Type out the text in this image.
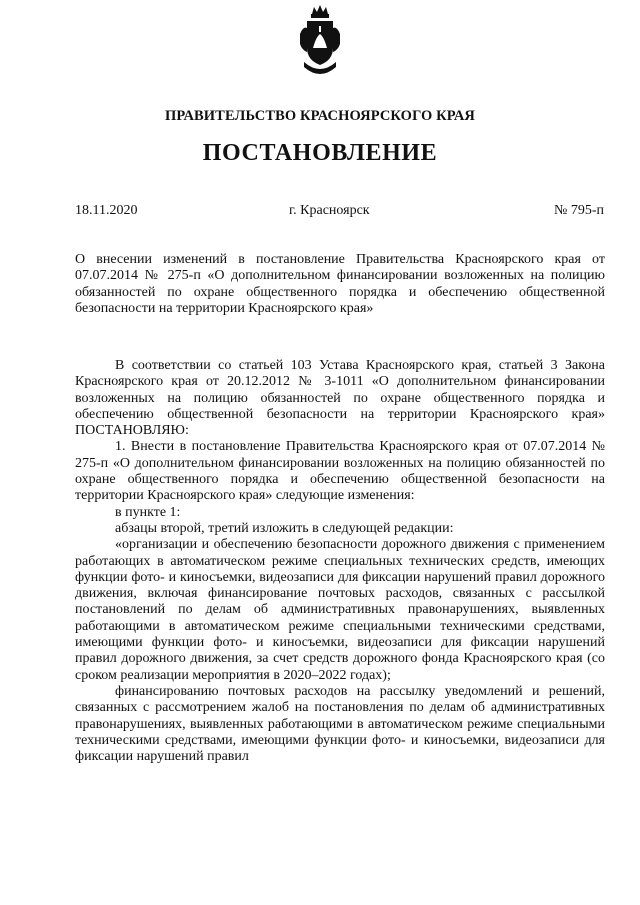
ПРАВИТЕЛЬСТВО КРАСНОЯРСКОГО КРАЯ
ПОСТАНОВЛЕНИЕ
18.11.2020	г. Красноярск	№ 795-п
О внесении изменений в постановление Правительства Красноярского края от 07.07.2014 № 275-п «О дополнительном финансировании возложенных на полицию обязанностей по охране общественного порядка и обеспечению общественной безопасности на территории Красноярского края»

В соответствии со статьей 103 Устава Красноярского края, статьей 3 Закона Красноярского края от 20.12.2012 № 3-1011 «О дополнительном финансировании возложенных на полицию обязанностей по охране общественного порядка и обеспечению общественной безопасности на территории Красноярского края» ПОСТАНОВЛЯЮ:

1. Внести в постановление Правительства Красноярского края от 07.07.2014 № 275-п «О дополнительном финансировании возложенных на полицию обязанностей по охране общественного порядка и обеспечению общественной безопасности на территории Красноярского края» следующие изменения:

в пункте 1:

абзацы второй, третий изложить в следующей редакции:

«организации и обеспечению безопасности дорожного движения с применением работающих в автоматическом режиме специальных технических средств, имеющих функции фото- и киносъемки, видеозаписи для фиксации нарушений правил дорожного движения, включая финансирование почтовых расходов, связанных с рассылкой постановлений по делам об административных правонарушениях, выявленных работающими в автоматическом режиме специальными техническими средствами, имеющими функции фото- и киносъемки, видеозаписи для фиксации нарушений правил дорожного движения, за счет средств дорожного фонда Красноярского края (со сроком реализации мероприятия в 2020–2022 годах);

финансированию почтовых расходов на рассылку уведомлений и решений, связанных с рассмотрением жалоб на постановления по делам об административных правонарушениях, выявленных работающими в автоматическом режиме специальными техническими средствами, имеющими функции фото- и киносъемки, видеозаписи для фиксации нарушений правил
